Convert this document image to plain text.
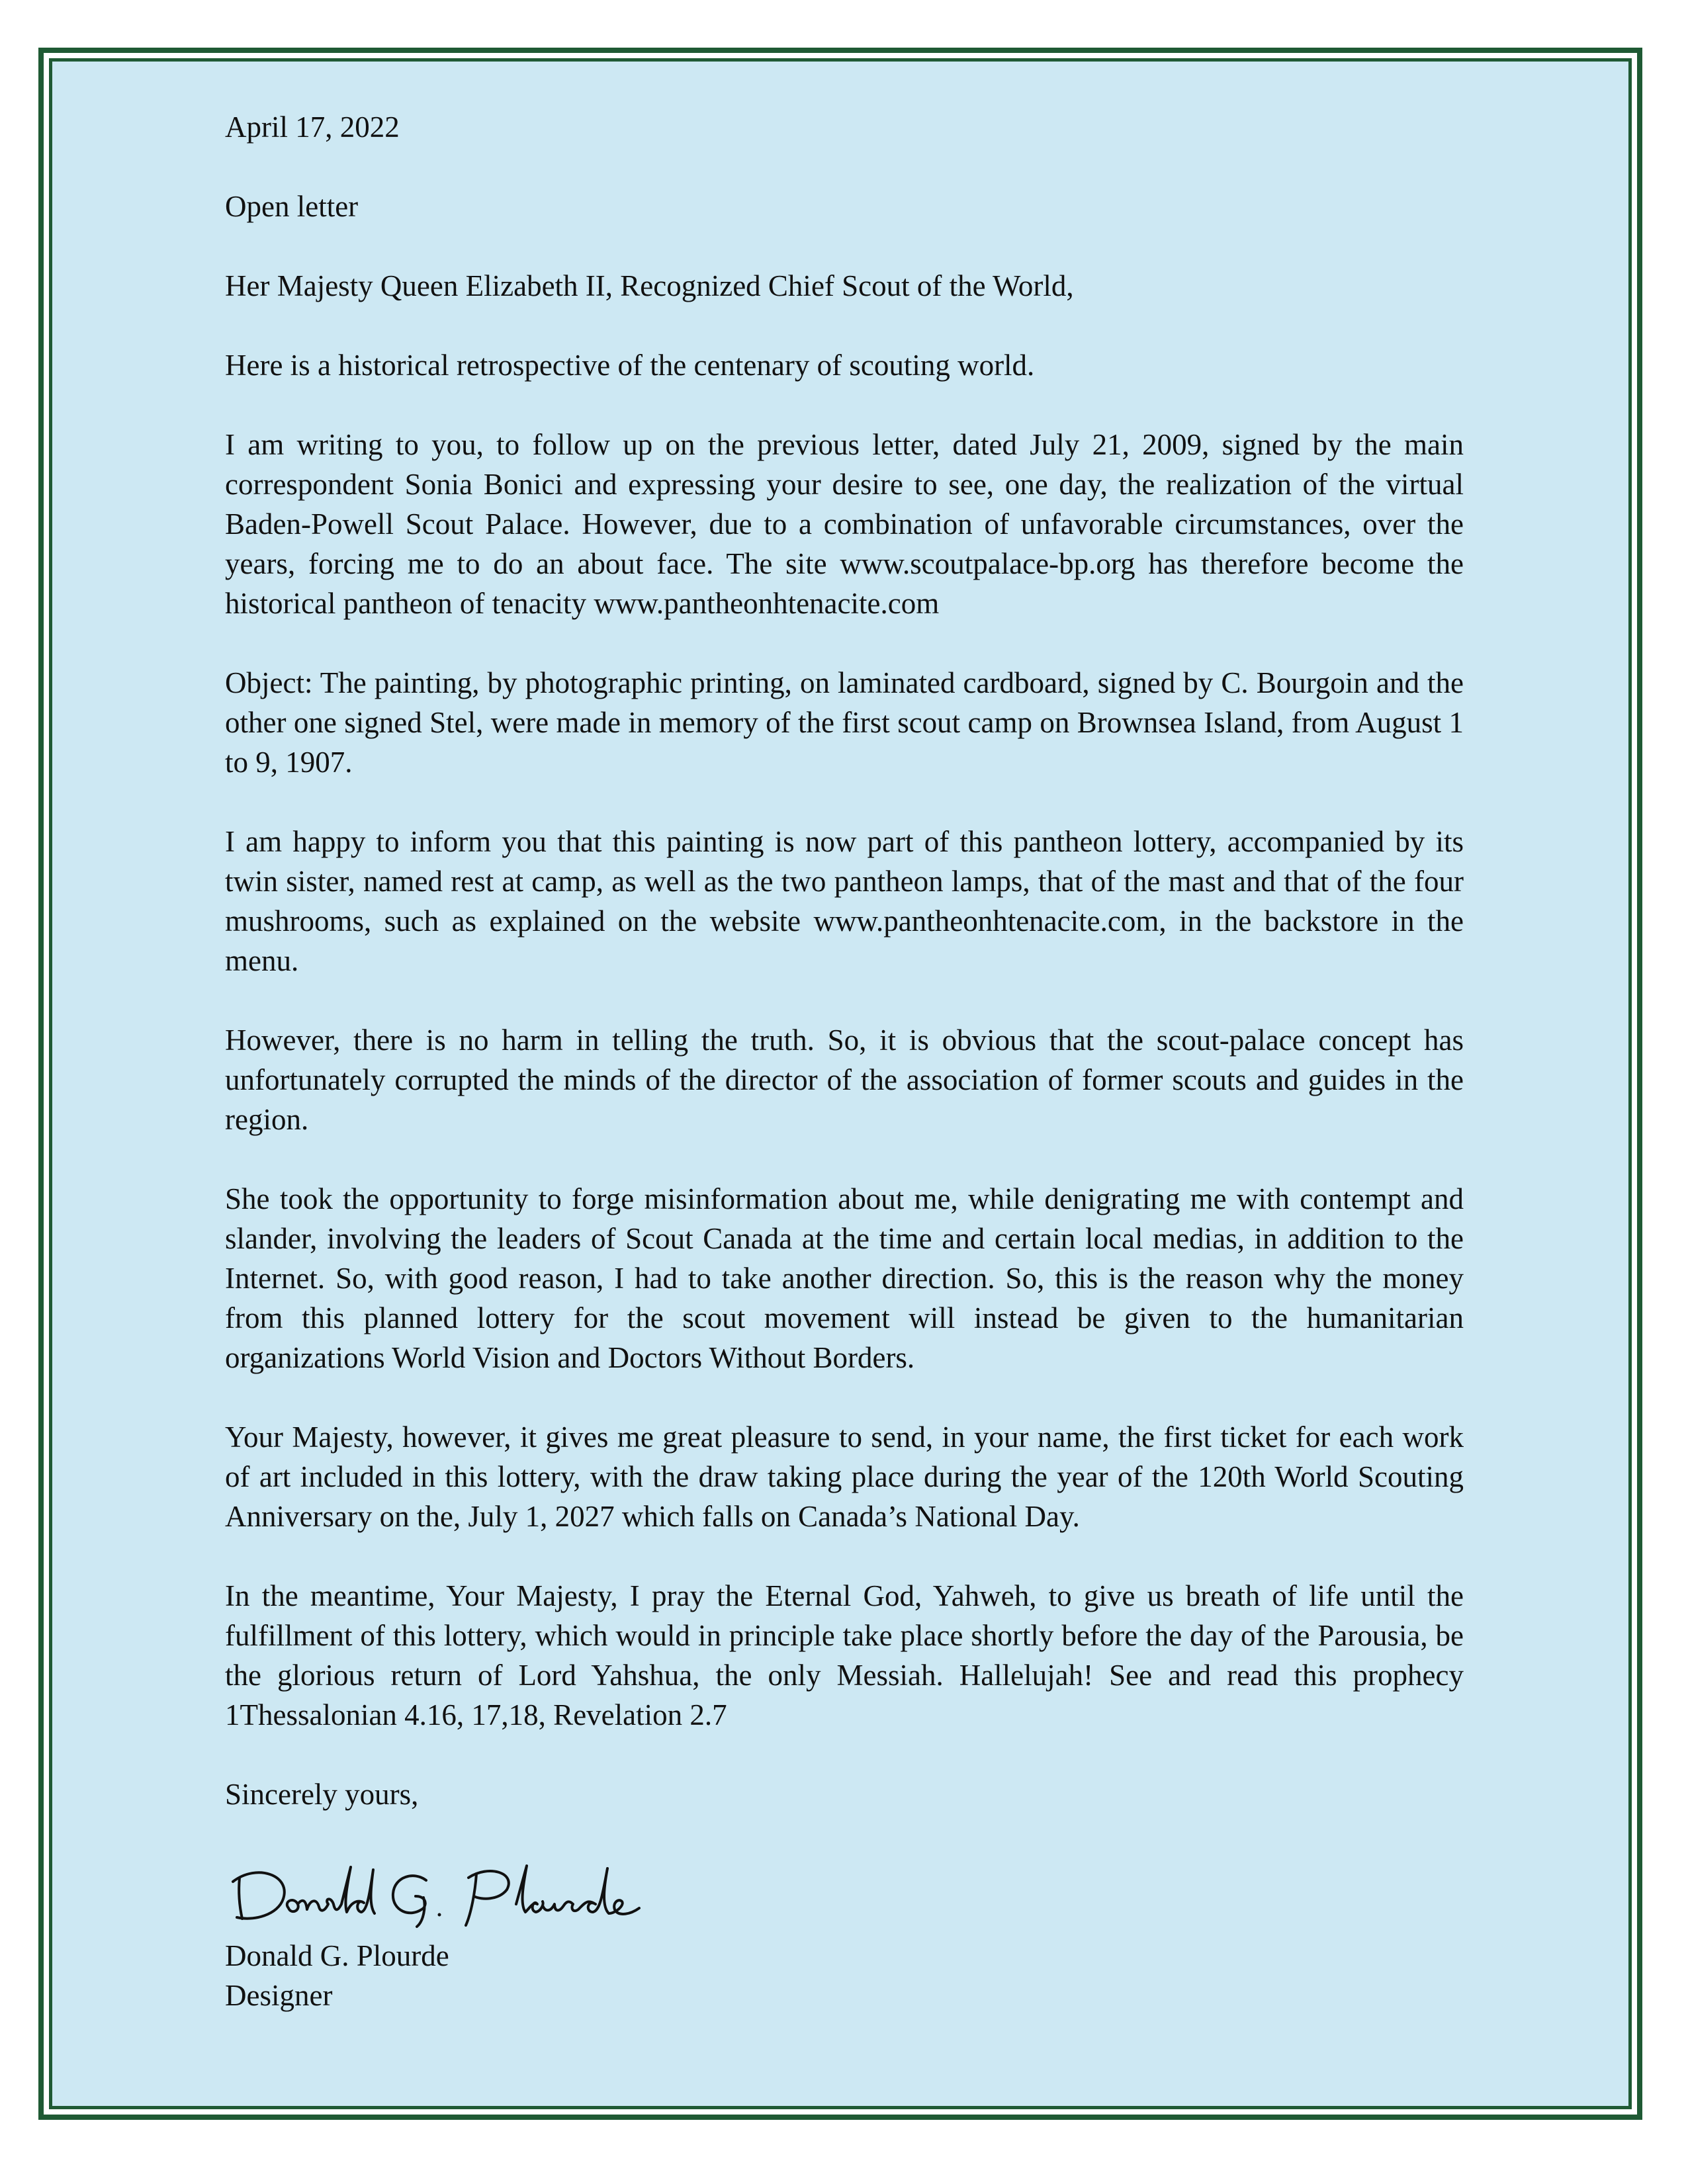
April 17, 2022

Open letter

Her Majesty Queen Elizabeth II, Recognized Chief Scout of the World,

Here is a historical retrospective of the centenary of scouting world.

I am writing to you, to follow up on the previous letter, dated July 21, 2009, signed by the main correspondent Sonia Bonici and expressing your desire to see, one day, the realization of the virtual Baden-Powell Scout Palace. However, due to a combination of unfavorable circumstances, over the years, forcing me to do an about face. The site www.scoutpalace-bp.org has therefore become the historical pantheon of tenacity www.pantheonhtenacite.com

Object: The painting, by photographic printing, on laminated cardboard, signed by C. Bourgoin and the other one signed Stel, were made in memory of the first scout camp on Brownsea Island, from August 1 to 9, 1907.

I am happy to inform you that this painting is now part of this pantheon lottery, accompanied by its twin sister, named rest at camp, as well as the two pantheon lamps, that of the mast and that of the four mushrooms, such as explained on the website www.pantheonhtenacite.com, in the backstore in the menu.

However, there is no harm in telling the truth. So, it is obvious that the scout-palace concept has unfortunately corrupted the minds of the director of the association of former scouts and guides in the region.

She took the opportunity to forge misinformation about me, while denigrating me with contempt and slander, involving the leaders of Scout Canada at the time and certain local medias, in addition to the Internet. So, with good reason, I had to take another direction. So, this is the reason why the money from this planned lottery for the scout movement will instead be given to the humanitarian organizations World Vision and Doctors Without Borders.

Your Majesty, however, it gives me great pleasure to send, in your name, the first ticket for each work of art included in this lottery, with the draw taking place during the year of the 120th World Scouting Anniversary on the, July 1, 2027 which falls on Canada’s National Day.

In the meantime, Your Majesty, I pray the Eternal God, Yahweh, to give us breath of life until the fulfillment of this lottery, which would in principle take place shortly before the day of the Parousia, be the glorious return of Lord Yahshua, the only Messiah. Hallelujah! See and read this prophecy 1Thessalonian 4.16, 17,18, Revelation 2.7

Sincerely yours,

Donald G. Plourde
Designer
